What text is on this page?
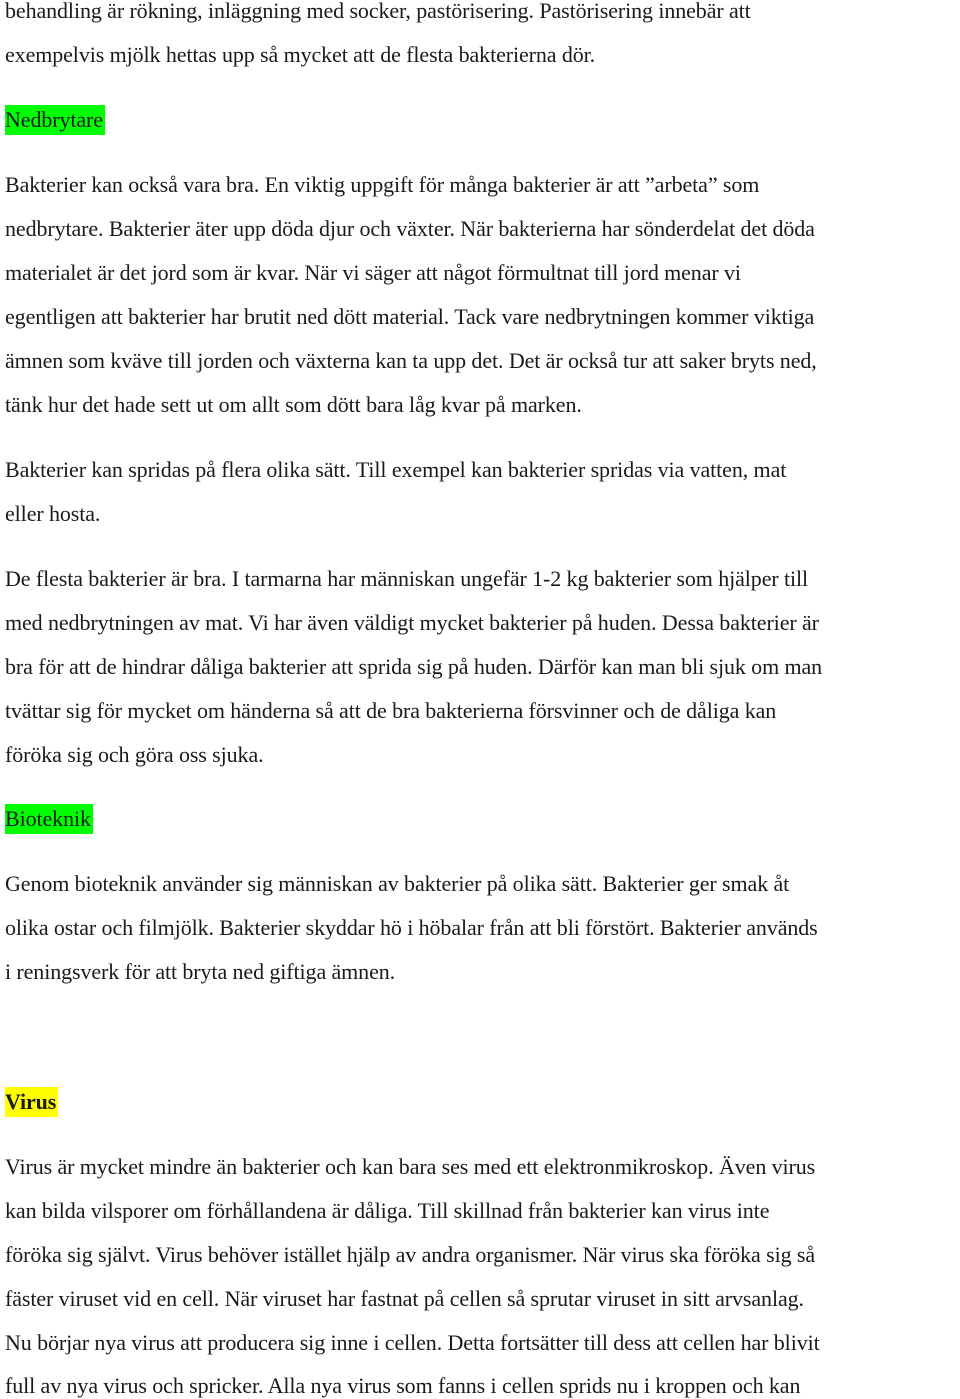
behandling är rökning, inläggning med socker, pastörisering. Pastörisering innebär att
exempelvis mjölk hettas upp så mycket att de flesta bakterierna dör.
Nedbrytare
Bakterier kan också vara bra. En viktig uppgift för många bakterier är att ”arbeta” som
nedbrytare. Bakterier äter upp döda djur och växter. När bakterierna har sönderdelat det döda
materialet är det jord som är kvar. När vi säger att något förmultnat till jord menar vi
egentligen att bakterier har brutit ned dött material. Tack vare nedbrytningen kommer viktiga
ämnen som kväve till jorden och växterna kan ta upp det. Det är också tur att saker bryts ned,
tänk hur det hade sett ut om allt som dött bara låg kvar på marken.
Bakterier kan spridas på flera olika sätt. Till exempel kan bakterier spridas via vatten, mat
eller hosta.
De flesta bakterier är bra. I tarmarna har människan ungefär 1-2 kg bakterier som hjälper till
med nedbrytningen av mat. Vi har även väldigt mycket bakterier på huden. Dessa bakterier är
bra för att de hindrar dåliga bakterier att sprida sig på huden. Därför kan man bli sjuk om man
tvättar sig för mycket om händerna så att de bra bakterierna försvinner och de dåliga kan
föröka sig och göra oss sjuka.
Bioteknik
Genom bioteknik använder sig människan av bakterier på olika sätt. Bakterier ger smak åt
olika ostar och filmjölk. Bakterier skyddar hö i höbalar från att bli förstört. Bakterier används
i reningsverk för att bryta ned giftiga ämnen.
Virus
Virus är mycket mindre än bakterier och kan bara ses med ett elektronmikroskop. Även virus
kan bilda vilsporer om förhållandena är dåliga. Till skillnad från bakterier kan virus inte
föröka sig självt. Virus behöver istället hjälp av andra organismer. När virus ska föröka sig så
fäster viruset vid en cell. När viruset har fastnat på cellen så sprutar viruset in sitt arvsanlag.
Nu börjar nya virus att producera sig inne i cellen. Detta fortsätter till dess att cellen har blivit
full av nya virus och spricker. Alla nya virus som fanns i cellen sprids nu i kroppen och kan
